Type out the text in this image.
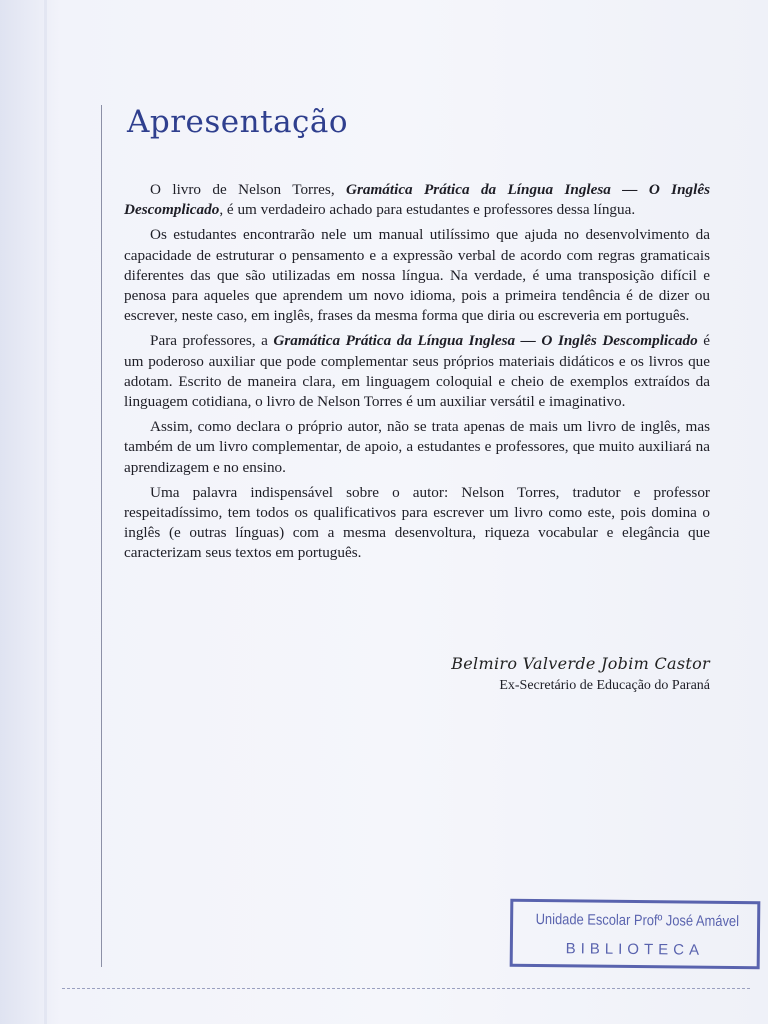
Apresentação

O livro de Nelson Torres, Gramática Prática da Língua Inglesa — O Inglês Descomplicado, é um verdadeiro achado para estudantes e professores dessa língua.

Os estudantes encontrarão nele um manual utilíssimo que ajuda no desenvolvimento da capacidade de estruturar o pensamento e a expressão verbal de acordo com regras gramaticais diferentes das que são utilizadas em nossa língua. Na verdade, é uma transposição difícil e penosa para aqueles que aprendem um novo idioma, pois a primeira tendência é de dizer ou escrever, neste caso, em inglês, frases da mesma forma que diria ou escreveria em português.

Para professores, a Gramática Prática da Língua Inglesa — O Inglês Descomplicado é um poderoso auxiliar que pode complementar seus próprios materiais didáticos e os livros que adotam. Escrito de maneira clara, em linguagem coloquial e cheio de exemplos extraídos da linguagem cotidiana, o livro de Nelson Torres é um auxiliar versátil e imaginativo.

Assim, como declara o próprio autor, não se trata apenas de mais um livro de inglês, mas também de um livro complementar, de apoio, a estudantes e professores, que muito auxiliará na aprendizagem e no ensino.

Uma palavra indispensável sobre o autor: Nelson Torres, tradutor e professor respeitadíssimo, tem todos os qualificativos para escrever um livro como este, pois domina o inglês (e outras línguas) com a mesma desenvoltura, riqueza vocabular e elegância que caracterizam seus textos em português.

Belmiro Valverde Jobim Castor
Ex-Secretário de Educação do Paraná
Unidade Escolar Profº José Amável
BIBLIOTECA
